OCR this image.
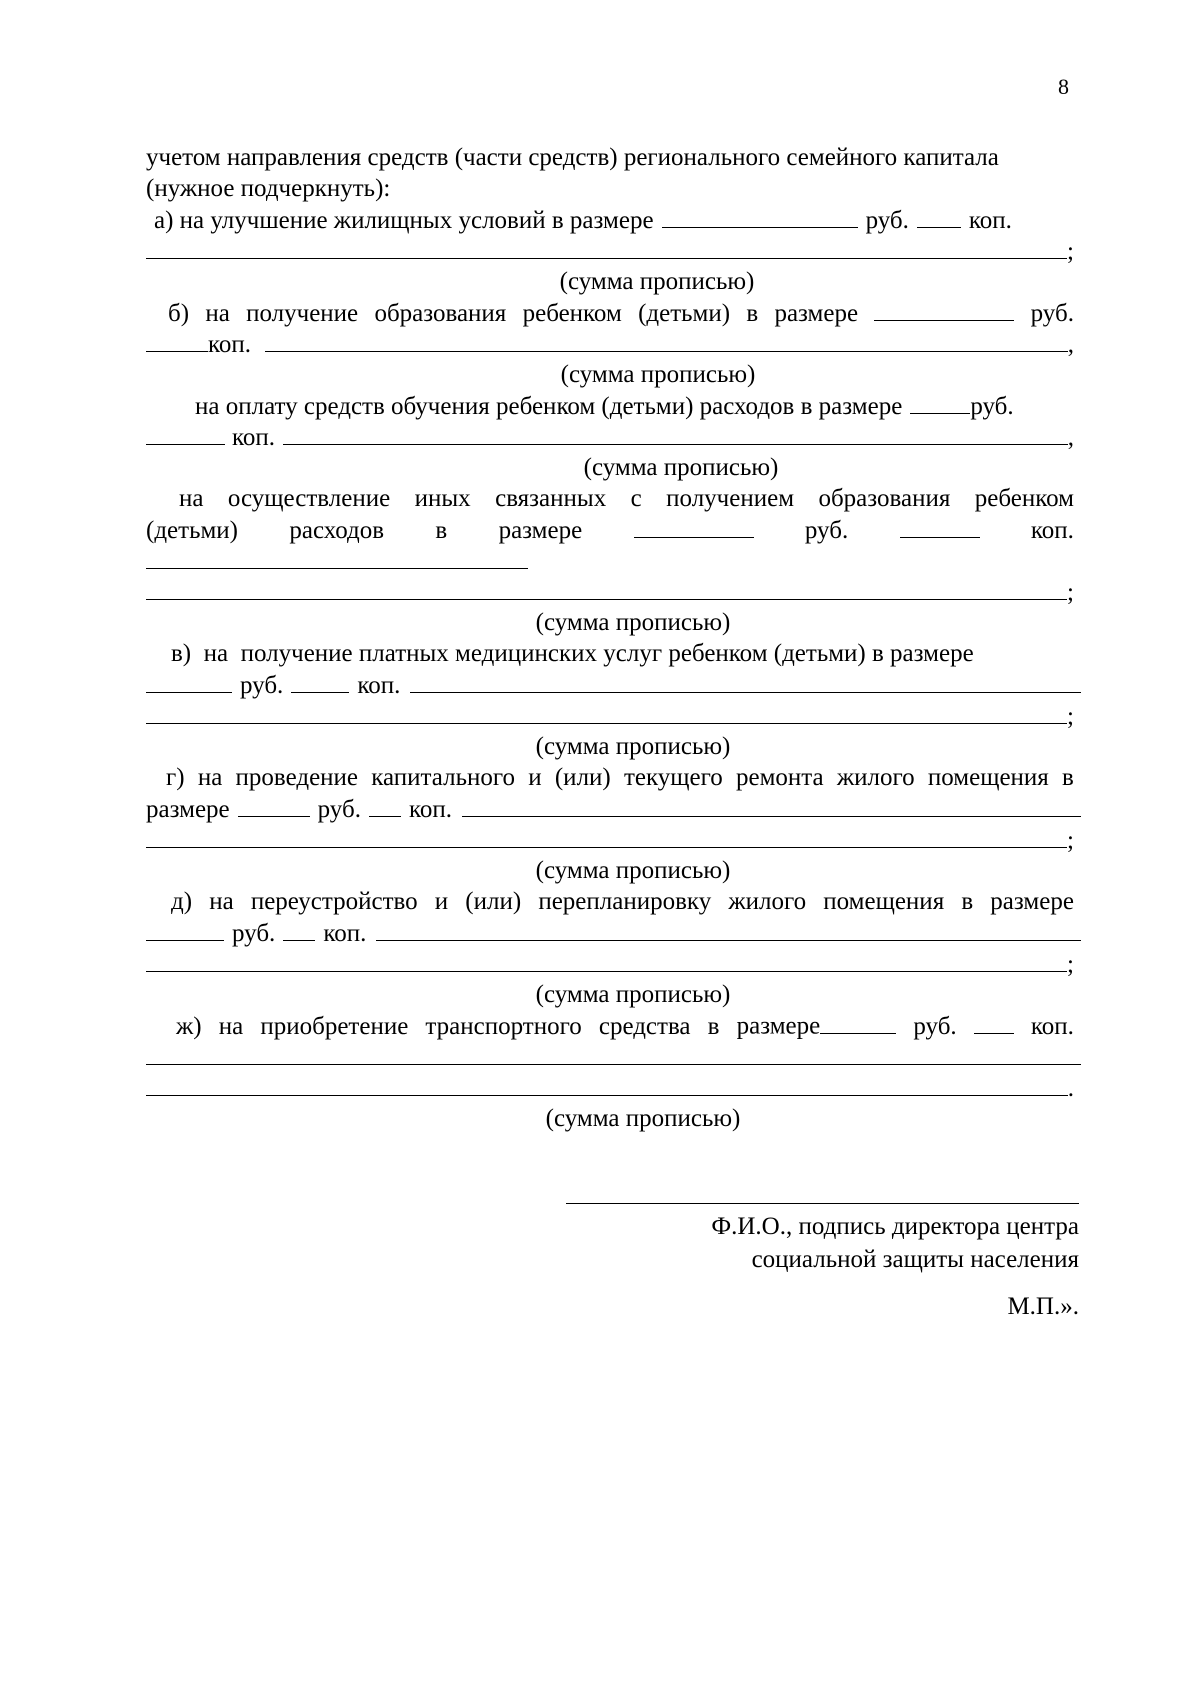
8
учетом направления средств (части средств) регионального семейного капитала
(нужное подчеркнуть):
а) на улучшение жилищных условий в размере	руб. коп.
;
(сумма прописью)
б) на получение образования ребенком (детьми) в размере	руб.
коп.	,
(сумма прописью)
на оплату средств обучения ребенком (детьми) расходов в размере	руб.
коп.	,
(сумма прописью)
на осуществление иных связанных с получением образования ребенком
(детьми) расходов в размере	руб.	коп.
;
(сумма прописью)
в)  на  получение платных медицинских услуг ребенком (детьми) в размере
руб.	коп.
;
(сумма прописью)
г) на проведение капитального и (или) текущего ремонта жилого помещения в
размере	руб. коп.
;
(сумма прописью)
д) на переустройство и (или) перепланировку жилого помещения в размере
руб. коп.
;
(сумма прописью)
ж) на приобретение транспортного средства в размере	руб.	коп.
.
(сумма прописью)
Ф.И.О., подпись директора центра
социальной защиты населения
М.П.».
